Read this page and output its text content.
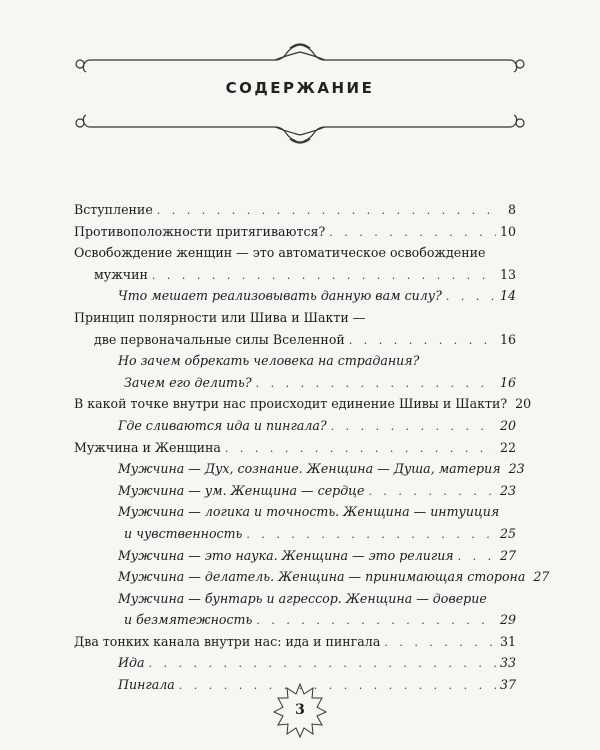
СОДЕРЖАНИЕ
Вступление . . .	8
Противоположности притягиваются? . . .	10
Освобождение женщин — это автоматическое освобождение
мужчин . . .	13
Что мешает реализовывать данную вам силу? . . .	14
Принцип полярности или Шива и Шакти —
две первоначальные силы Вселенной . . .	16
Но зачем обрекать человека на страдания?
Зачем его делить? . . .	16
В какой точке внутри нас происходит единение Шивы и Шакти? 20
Где сливаются ида и пингала? . . .	20
Мужчина и Женщина . . .	22
Мужчина — Дух, сознание. Женщина — Душа, материя 23
Мужчина — ум. Женщина — сердце . . .	23
Мужчина — логика и точность. Женщина — интуиция
и чувственность . . .	25
Мужчина — это наука. Женщина — это религия . . .	27
Мужчина — делатель. Женщина — принимающая сторона 27
Мужчина — бунтарь и агрессор. Женщина — доверие
и безмятежность . . .	29
Два тонких канала внутри нас: ида и пингала . . .	31
Ида . . .	33
Пингала . . .	37
3
